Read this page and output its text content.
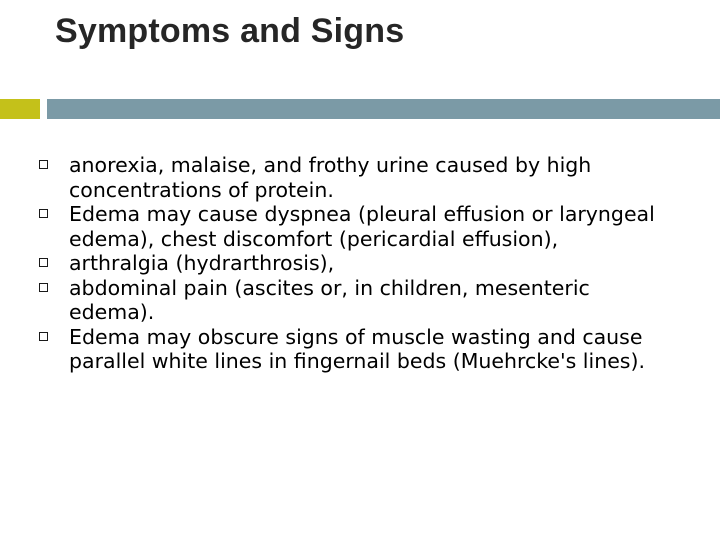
Symptoms and Signs
anorexia, malaise, and frothy urine caused by high concentrations of protein.
Edema may cause dyspnea (pleural effusion or laryngeal edema), chest discomfort (pericardial effusion),
arthralgia (hydrarthrosis),
abdominal pain (ascites or, in children, mesenteric edema).
Edema may obscure signs of muscle wasting and cause parallel white lines in fingernail beds (Muehrcke's lines).
